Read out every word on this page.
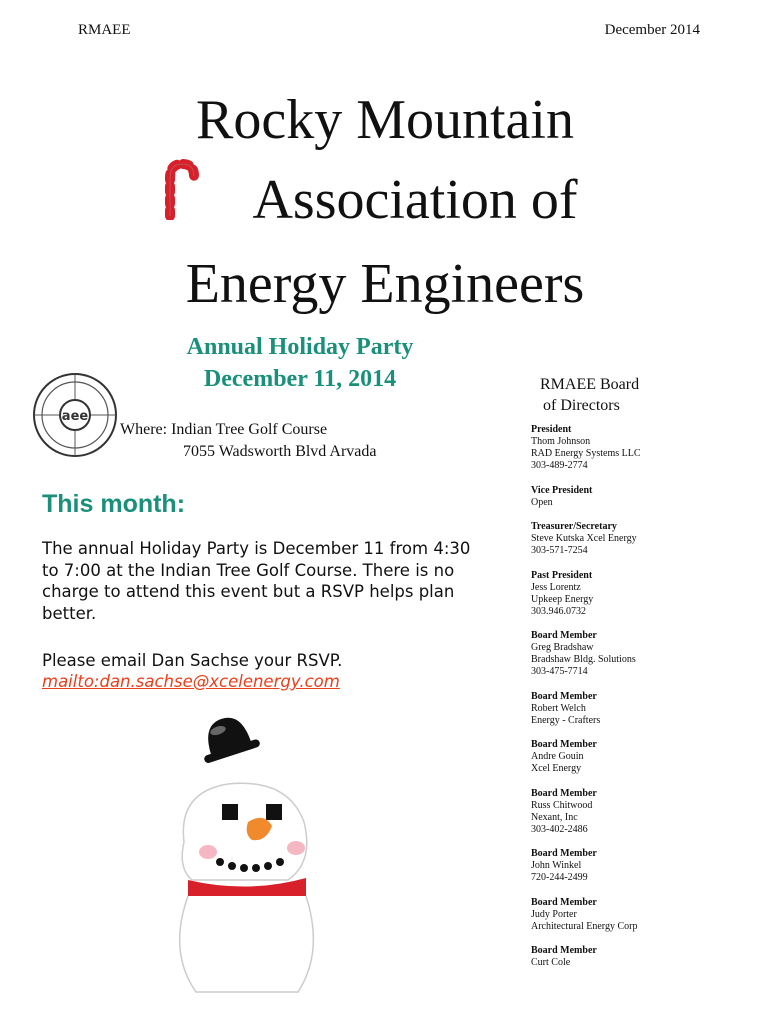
RMAEE	December 2014
Rocky Mountain
Association of
Energy Engineers
Annual Holiday Party
December 11, 2014
aee
Where: Indian Tree Golf Course
7055 Wadsworth Blvd Arvada
This month:

The annual Holiday Party is December 11 from 4:30 to 7:00 at the Indian Tree Golf Course. There is no charge to attend this event but a RSVP helps plan better.

Please email Dan Sachse your RSVP.
mailto:dan.sachse@xcelenergy.com
RMAEE Board
of Directors
President
Thom Johnson
RAD Energy Systems LLC
303-489-2774
Vice President
Open
Treasurer/Secretary
Steve Kutska Xcel Energy
303-571-7254
Past President
Jess Lorentz
Upkeep Energy
303.946.0732
Board Member
Greg Bradshaw
Bradshaw Bldg. Solutions
303-475-7714
Board Member
Robert Welch
Energy - Crafters
Board Member
Andre Gouin
Xcel Energy
Board Member
Russ Chitwood
Nexant, Inc
303-402-2486
Board Member
John Winkel
720-244-2499
Board Member
Judy Porter
Architectural Energy Corp
Board Member
Curt Cole
